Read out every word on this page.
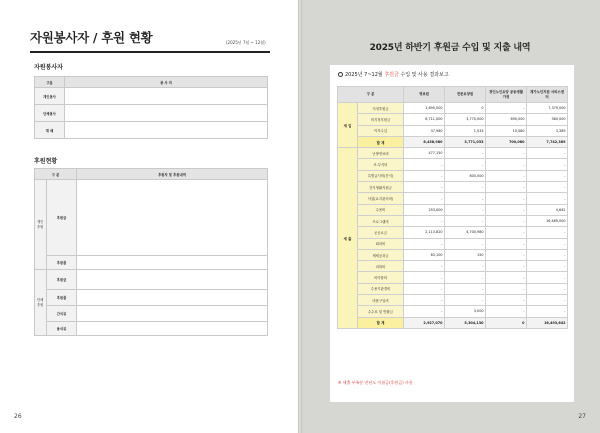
자원봉사자 / 후원 현황	(2025년 7월 ~ 12월)
자원봉사자
구분	봉 사 자
개인봉사	
단체봉사	
재 배	
후원현황
구 분		후원자 및 후원내역
개인후원	후원금	
	후원품	
단체후원	후원금	
	후원품	
	간식류	
	용식류	
26
2025년 하반기 후원금 수입 및 지출 내역
2025년 7~12월 후원금 수입 및 사용 결과보고
구 분		영보원	전문요양원	경인노인요양 공동생활가정	재가노인지원 서비스센터
세 입	지정후원금	1,690,000	0	-	7,379,000
	비지정후원금	6,711,000	3,770,000	690,000	360,000
	이자수입	37,980	1,033	10,080	3,389
	합 계	8,438,980	3,771,033	700,080	7,742,389
세 출	난방연료비	477,150	-	-	-
	조.부식비	-	-	-	-
	특별급식비(간식)	-	600,000	-	-
	간식생활지원금	-	-	-	-
	사업(요지관리비)	-	-	-	-
	수용비	253,000	-	-	4,642
	프로그램비	-	-	-	16,489,000
	공공요금	2,113,820	4,700,980	-	-
	회의비	-	-	-	-
	제세공과금	83,100	150	-	-
	피복비	-	-	-	-
	의약품비	-	-	-	-
	수용기관경비	-	-	-	-
	비품구입비	-	-	-	-
	수수료 및 반환금	-	3,000	-	-
	합 계	2,927,070	5,304,130	0	16,493,642
※ 세출 부족분 전년도 이월금(후원금) 사용
27
